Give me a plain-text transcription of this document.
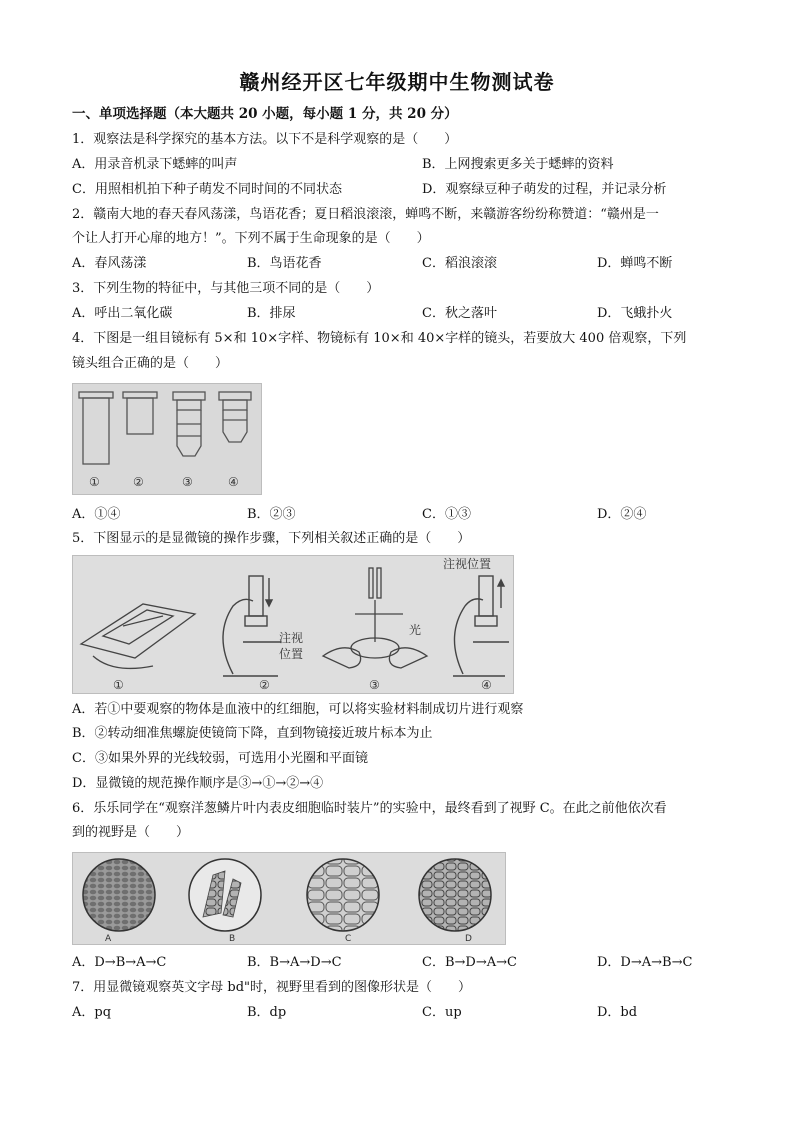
赣州经开区七年级期中生物测试卷
一、单项选择题（本大题共 20 小题，每小题 1 分，共 20 分）
1．观察法是科学探究的基本方法。以下不是科学观察的是（　　）
A．用录音机录下蟋蟀的叫声	B．上网搜索更多关于蟋蟀的资料
C．用照相机拍下种子萌发不同时间的不同状态	D．观察绿豆种子萌发的过程，并记录分析
2．赣南大地的春天春风荡漾，鸟语花香；夏日稻浪滚滚，蝉鸣不断，来赣游客纷纷称赞道：“赣州是一
个让人打开心扉的地方！”。下列不属于生命现象的是（　　）
A．春风荡漾	B．鸟语花香	C．稻浪滚滚	D．蝉鸣不断
3．下列生物的特征中，与其他三项不同的是（　　）
A．呼出二氧化碳	B．排尿	C．秋之落叶	D．飞蛾扑火
4．下图是一组目镜标有 5×和 10×字样、物镜标有 10×和 40×字样的镜头，若要放大 400 倍观察，下列
镜头组合正确的是（　　）
①	②	③	④
A．①④	B．②③	C．①③	D．②④
5．下图显示的是显微镜的操作步骤，下列相关叙述正确的是（　　）
注视
位置
光
注视位置
①	②	③	④
A．若①中要观察的物体是血液中的红细胞，可以将实验材料制成切片进行观察
B．②转动细准焦螺旋使镜筒下降，直到物镜接近玻片标本为止
C．③如果外界的光线较弱，可选用小光圈和平面镜
D．显微镜的规范操作顺序是③→①→②→④
6．乐乐同学在“观察洋葱鳞片叶内表皮细胞临时装片”的实验中，最终看到了视野 C。在此之前他依次看
到的视野是（　　）
A	B	C	D
A．D→B→A→C	B．B→A→D→C	C．B→D→A→C	D．D→A→B→C
7．用显微镜观察英文字母 bd"时，视野里看到的图像形状是（　　）
A．pq	B．dp	C．up	D．bd
